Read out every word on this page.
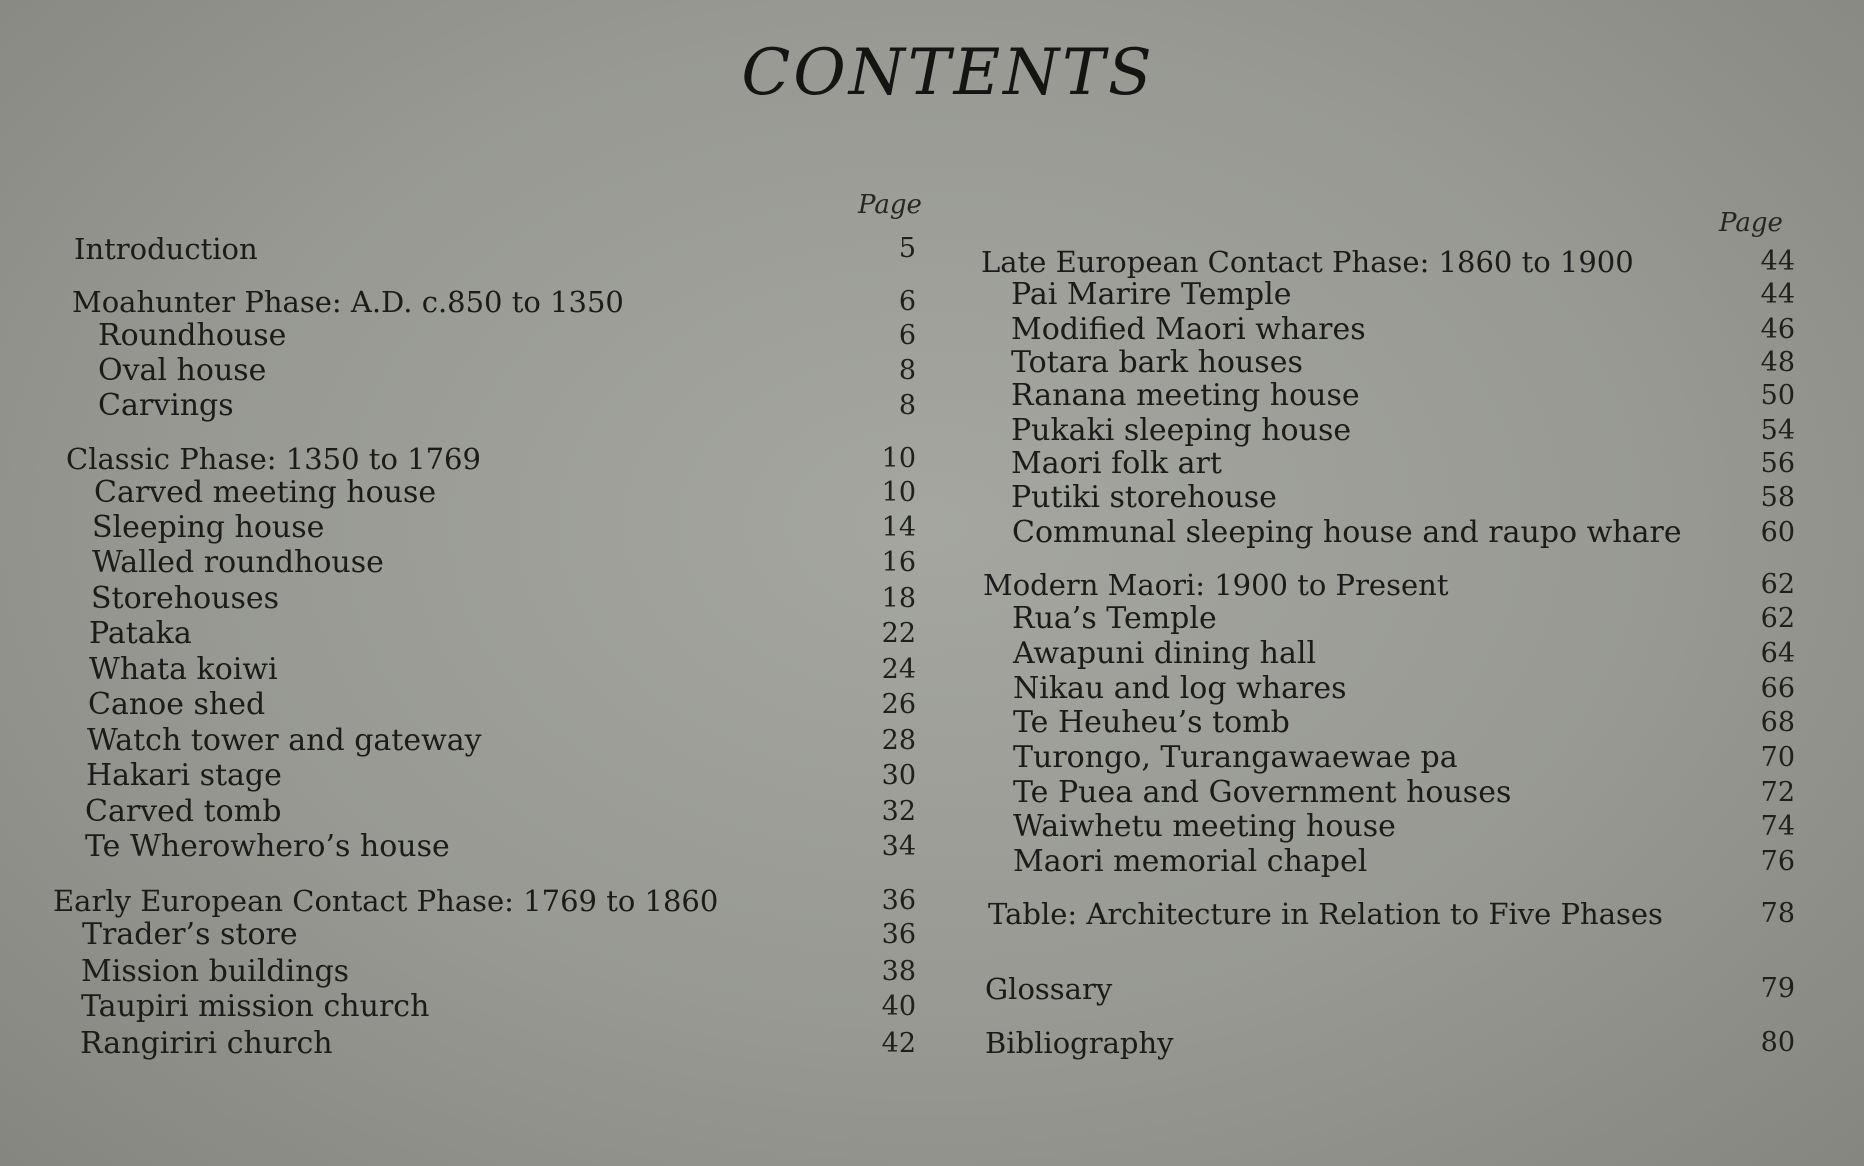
CONTENTS
Page
Page
Introduction	5
Moahunter Phase: A.D. c.850 to 1350	6
Roundhouse	6
Oval house	8
Carvings	8
Classic Phase: 1350 to 1769	10
Carved meeting house	10
Sleeping house	14
Walled roundhouse	16
Storehouses	18
Pataka	22
Whata koiwi	24
Canoe shed	26
Watch tower and gateway	28
Hakari stage	30
Carved tomb	32
Te Wherowhero’s house	34
Early European Contact Phase: 1769 to 1860	36
Trader’s store	36
Mission buildings	38
Taupiri mission church	40
Rangiriri church	42
Late European Contact Phase: 1860 to 1900	44
Pai Marire Temple	44
Modified Maori whares	46
Totara bark houses	48
Ranana meeting house	50
Pukaki sleeping house	54
Maori folk art	56
Putiki storehouse	58
Communal sleeping house and raupo whare	60
Modern Maori: 1900 to Present	62
Rua’s Temple	62
Awapuni dining hall	64
Nikau and log whares	66
Te Heuheu’s tomb	68
Turongo, Turangawaewae pa	70
Te Puea and Government houses	72
Waiwhetu meeting house	74
Maori memorial chapel	76
Table: Architecture in Relation to Five Phases	78
Glossary	79
Bibliography	80
